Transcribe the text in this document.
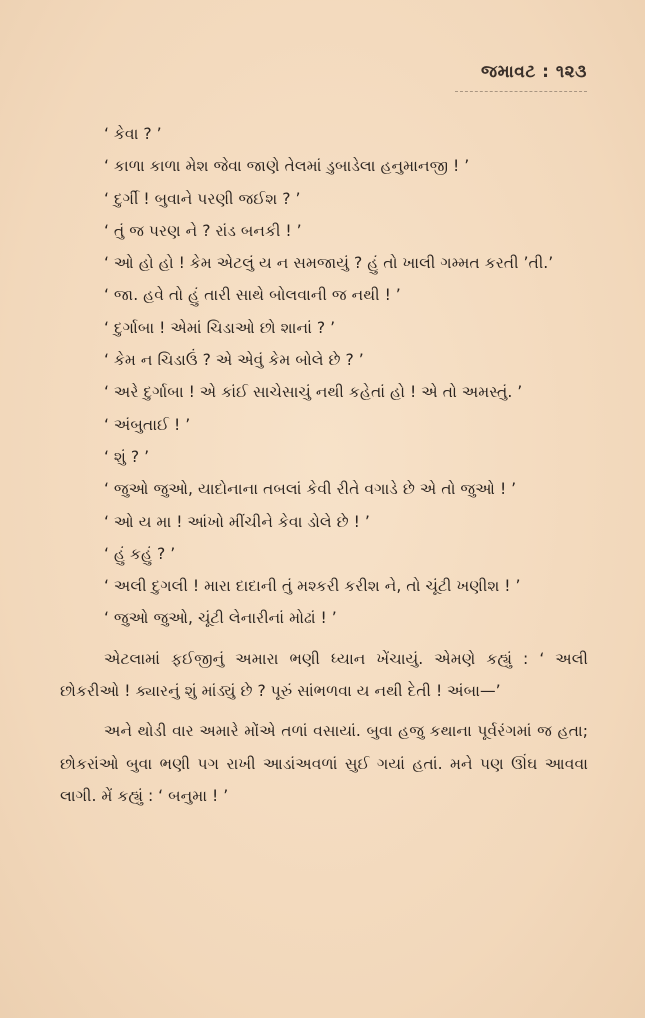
જમાવટ : ૧૨૩

‘ કેવા ? ’

‘ કાળા કાળા મેશ જેવા જાણે તેલમાં ડુબાડેલા હનુમાનજી ! ’

‘ દુર્ગી ! બુવાને પરણી જઈશ ? ’

‘ તું જ પરણ ને ? રાંડ બનકી ! ’

‘ ઓ હો હો ! કેમ એટલું ય ન સમજાયું ? હું તો ખાલી ગમ્મત કરતી ’તી.’

‘ જા. હવે તો હું તારી સાથે બોલવાની જ નથી ! ’

‘ દુર્ગાબા ! એમાં ચિડાઓ છો શાનાં ? ’

‘ કેમ ન ચિડાઉં ? એ એવું કેમ બોલે છે ? ’

‘ અરે દુર્ગાબા ! એ કાંઈ સાચેસાચું નથી કહેતાં હો ! એ તો અમસ્તું. ’

‘ અંબુતાઈ ! ’

‘ શું ? ’

‘ જુઓ જુઓ, યાદોનાના તબલાં કેવી રીતે વગાડે છે એ તો જુઓ ! ’

‘ ઓ ય મા ! આંખો મીંચીને કેવા ડોલે છે ! ’

‘ હું કહું ? ’

‘ અલી દુગલી ! મારા દાદાની તું મશ્કરી કરીશ ને, તો ચૂંટી ખણીશ ! ’

‘ જુઓ જુઓ, ચૂંટી લેનારીનાં મોઢાં ! ’

એટલામાં ફઈજીનું અમારા ભણી ધ્યાન ખેંચાયું. એમણે કહ્યું : ‘ અલી છોકરીઓ ! ક્યારનું શું માંડ્યું છે ? પૂરું સાંભળવા ય નથી દેતી ! અંબા—’

અને થોડી વાર અમારે મોંએ તળાં વસાયાં. બુવા હજુ કથાના પૂર્વરંગમાં જ હતા; છોકરાંઓ બુવા ભણી પગ રાખી આડાંઅવળાં સુઈ ગયાં હતાં. મને પણ ઊંઘ આવવા લાગી. મેં કહ્યું : ‘ બનુમા ! ’
